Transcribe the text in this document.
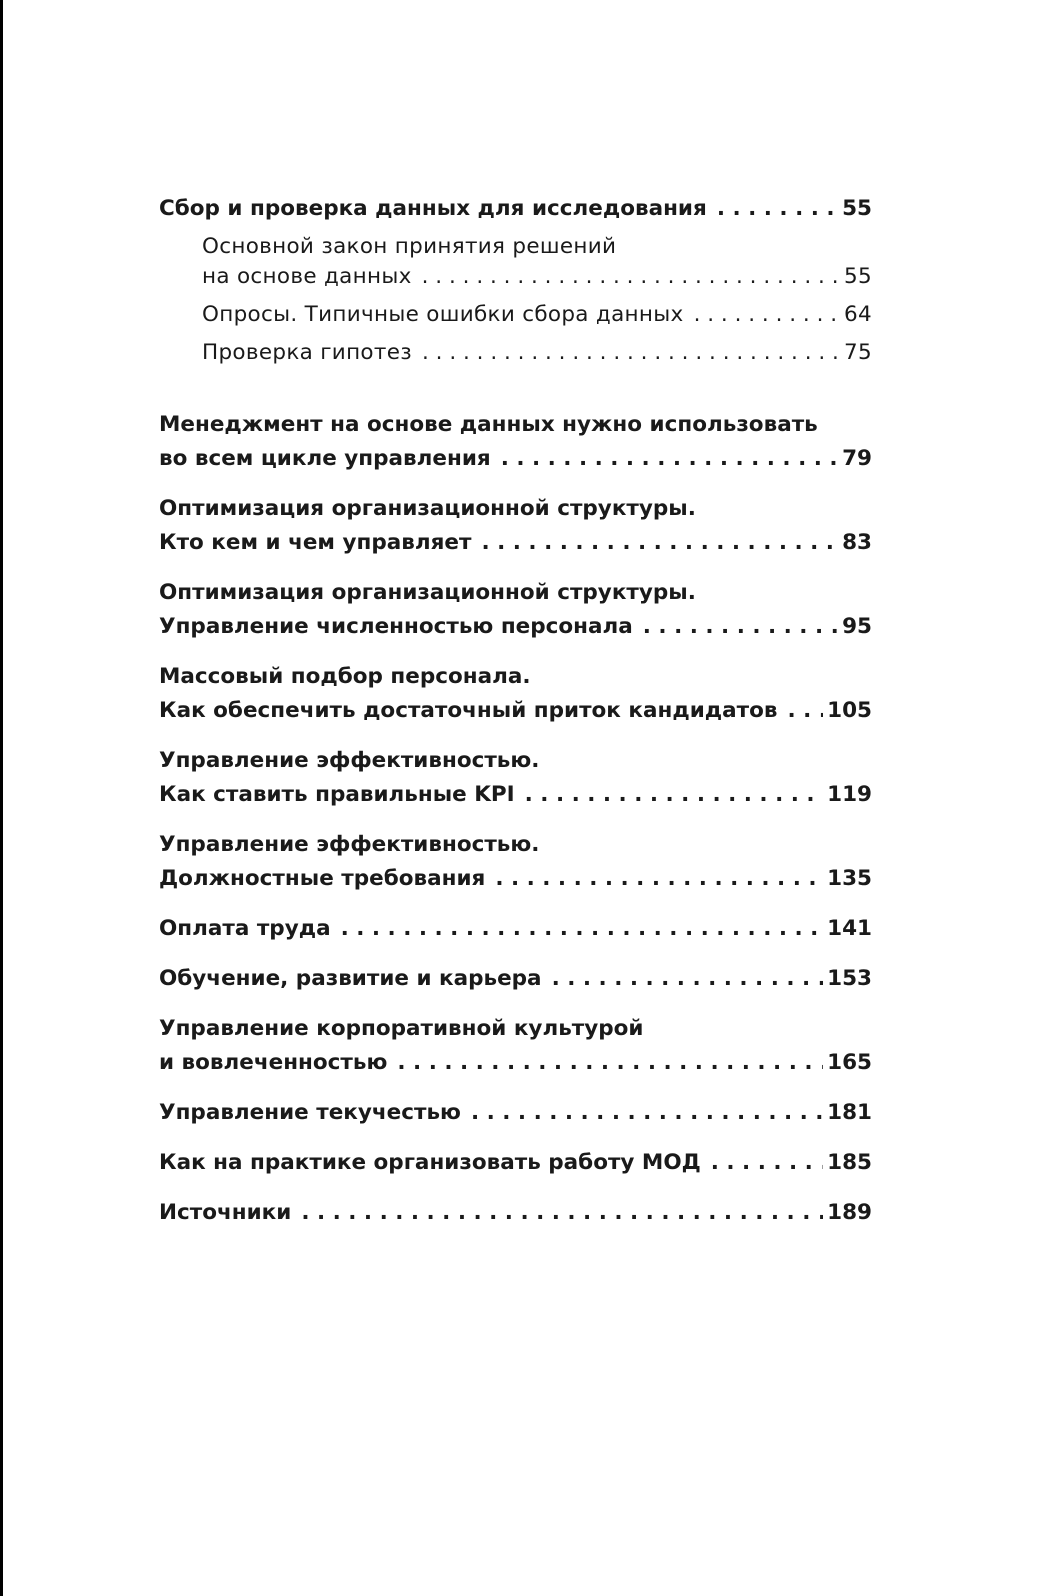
Сбор и проверка данных для исследования . . .	55
Основной закон принятия решений
на основе данных . . .	55
Опросы. Типичные ошибки сбора данных . . .	64
Проверка гипотез . . .	75
Менеджмент на основе данных нужно использовать
во всем цикле управления . . .	79
Оптимизация организационной структуры.
Кто кем и чем управляет . . .	83
Оптимизация организационной структуры.
Управление численностью персонала . . .	95
Массовый подбор персонала.
Как обеспечить достаточный приток кандидатов . . . 105
Управление эффективностью.
Как ставить правильные KPI . . .	119
Управление эффективностью.
Должностные требования . . .	135
Оплата труда . . .	141
Обучение, развитие и карьера . . .	153
Управление корпоративной культурой
и вовлеченностью . . .	165
Управление текучестью . . .	181
Как на практике организовать работу МОД . . .	185
Источники . . .	189
